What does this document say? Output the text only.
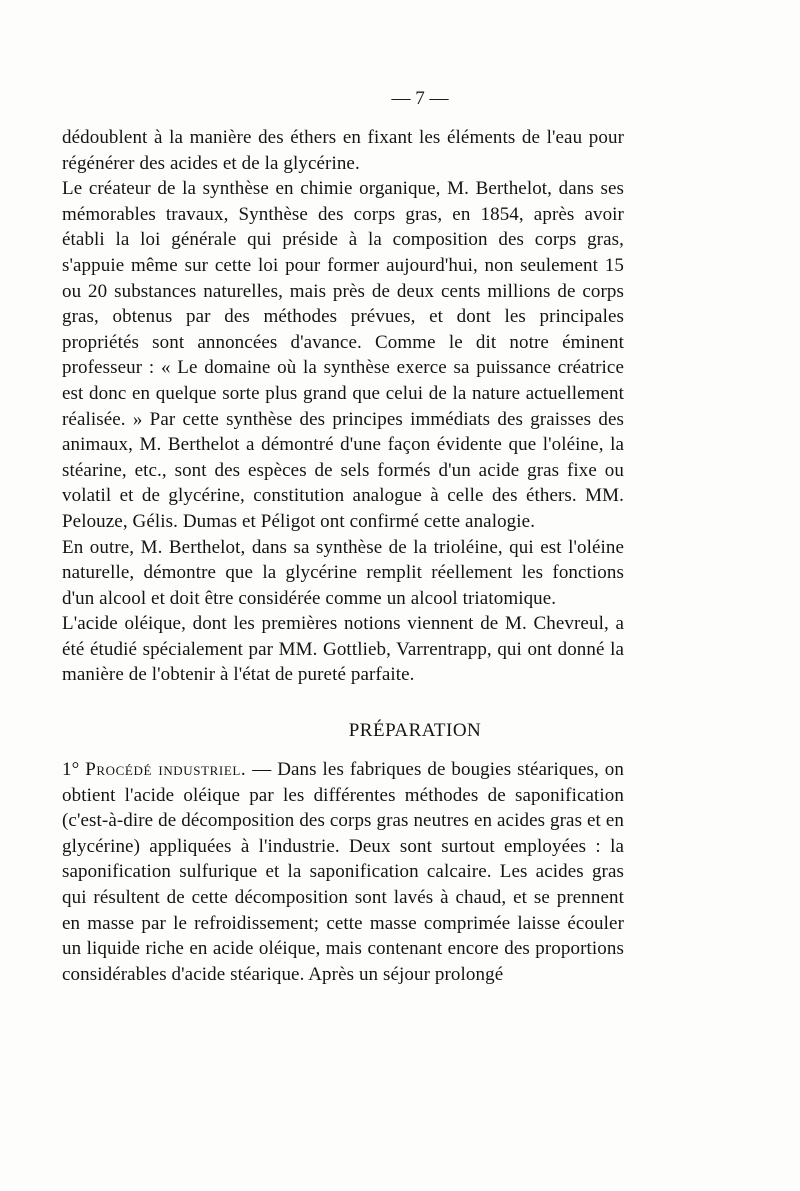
— 7 —

dédoublent à la manière des éthers en fixant les éléments de l'eau pour régénérer des acides et de la glycérine.

Le créateur de la synthèse en chimie organique, M. Berthelot, dans ses mémorables travaux, Synthèse des corps gras, en 1854, après avoir établi la loi générale qui préside à la composition des corps gras, s'appuie même sur cette loi pour former aujourd'hui, non seulement 15 ou 20 substances naturelles, mais près de deux cents millions de corps gras, obtenus par des méthodes prévues, et dont les principales propriétés sont annoncées d'avance. Comme le dit notre éminent professeur : « Le domaine où la synthèse exerce sa puissance créatrice est donc en quelque sorte plus grand que celui de la nature actuellement réalisée. » Par cette synthèse des principes immédiats des graisses des animaux, M. Berthelot a démontré d'une façon évidente que l'oléine, la stéarine, etc., sont des espèces de sels formés d'un acide gras fixe ou volatil et de glycérine, constitution analogue à celle des éthers. MM. Pelouze, Gélis. Dumas et Péligot ont confirmé cette analogie.

En outre, M. Berthelot, dans sa synthèse de la trioléine, qui est l'oléine naturelle, démontre que la glycérine remplit réellement les fonctions d'un alcool et doit être considérée comme un alcool triatomique.

L'acide oléique, dont les premières notions viennent de M. Chevreul, a été étudié spécialement par MM. Gottlieb, Varrentrapp, qui ont donné la manière de l'obtenir à l'état de pureté parfaite.

PRÉPARATION

1° Procédé industriel. — Dans les fabriques de bougies stéariques, on obtient l'acide oléique par les différentes méthodes de saponification (c'est-à-dire de décomposition des corps gras neutres en acides gras et en glycérine) appliquées à l'industrie. Deux sont surtout employées : la saponification sulfurique et la saponification calcaire. Les acides gras qui résultent de cette décomposition sont lavés à chaud, et se prennent en masse par le refroidissement; cette masse comprimée laisse écouler un liquide riche en acide oléique, mais contenant encore des proportions considérables d'acide stéarique. Après un séjour prolongé
